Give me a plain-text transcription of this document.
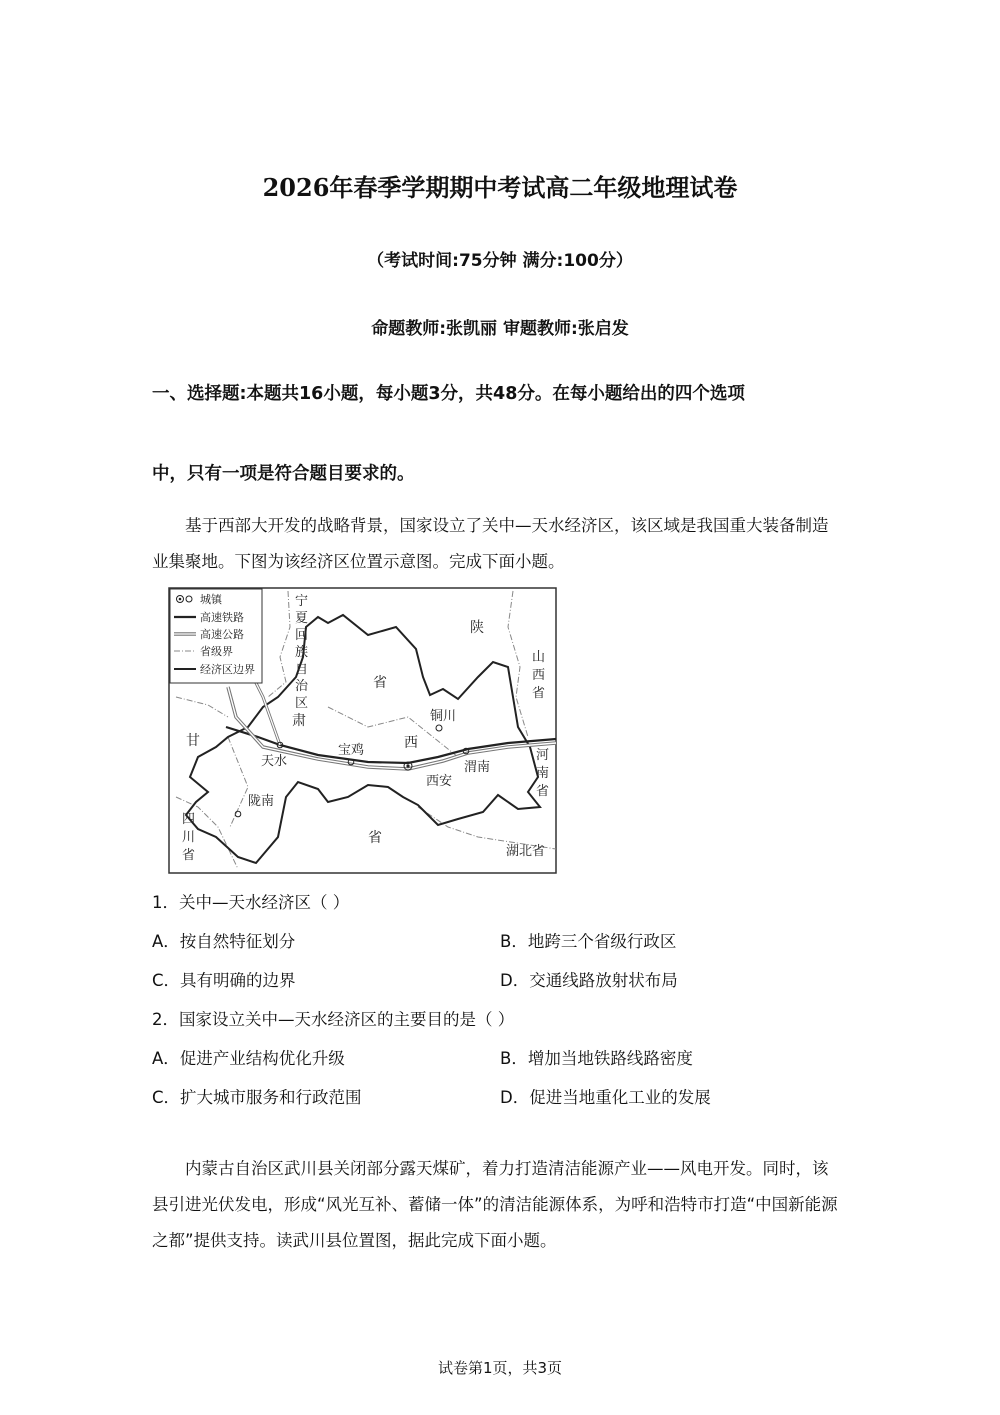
2026年春季学期期中考试高二年级地理试卷
（考试时间:75分钟 满分:100分）
命题教师:张凯丽 审题教师:张启发
一、选择题:本题共16小题，每小题3分，共48分。在每小题给出的四个选项
中，只有一项是符合题目要求的。
基于西部大开发的战略背景，国家设立了关中—天水经济区，该区域是我国重大装备制造业集聚地。下图为该经济区位置示意图。完成下面小题。
城镇
高速铁路
高速公路
省级界
经济区边界
宁
夏
回
族
自
治
区
陕
省
山
西
省
甘
肃
西
铜川
宝鸡
天水	渭南
西安
河
南
省
陇南
省
四
川
省	湖北省
1．关中—天水经济区（ ）
A．按自然特征划分	B．地跨三个省级行政区
C．具有明确的边界	D．交通线路放射状布局
2．国家设立关中—天水经济区的主要目的是（ ）
A．促进产业结构优化升级	B．增加当地铁路线路密度
C．扩大城市服务和行政范围	D．促进当地重化工业的发展
内蒙古自治区武川县关闭部分露天煤矿，着力打造清洁能源产业——风电开发。同时，该县引进光伏发电，形成“风光互补、蓄储一体”的清洁能源体系，为呼和浩特市打造“中国新能源之都”提供支持。读武川县位置图，据此完成下面小题。
试卷第1页，共3页
